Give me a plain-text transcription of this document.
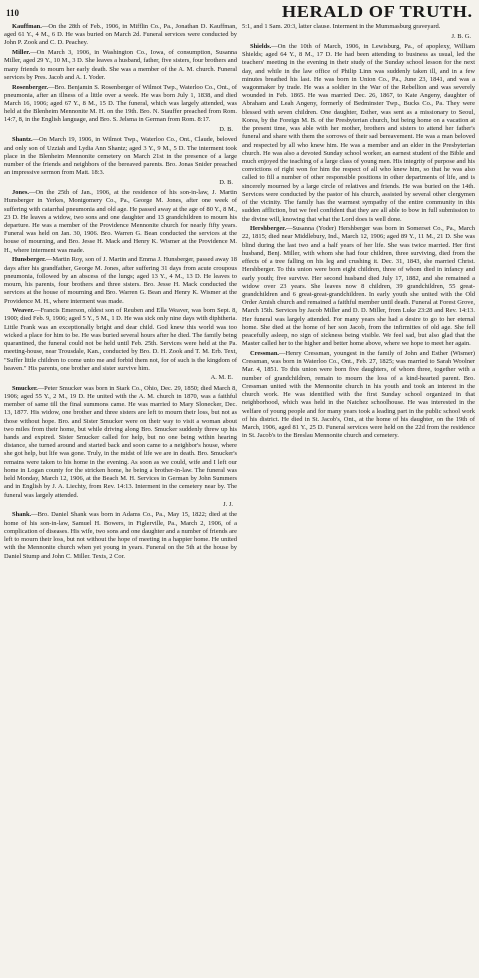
110	HERALD OF TRUTH.

Kauffman.—On the 28th of Feb., 1906, in Mifflin Co., Pa., Jonathan D. Kauffman, aged 61 Y., 4 M., 6 D. He was buried on March 2d. Funeral services were conducted by John P. Zook and C. D. Peachey.

Miller.—On March 3, 1906, in Washington Co., Iowa, of consumption, Susanna Miller, aged 29 Y., 10 M., 3 D. She leaves a husband, father, five sisters, four brothers and many friends to mourn her early death. She was a member of the A. M. church. Funeral services by Pres. Jacob and A. I. Yoder.

Rosenberger.—Bro. Benjamin S. Rosenberger of Wilmot Twp., Waterloo Co., Ont., of pneumonia, after an illness of a little over a week. He was born July 1, 1838, and died March 16, 1906; aged 67 Y., 8 M., 15 D. The funeral, which was largely attended, was held at the Blenheim Mennonite M. H. on the 19th. Bro. N. Stauffer preached from Rom. 14:7, 8, in the English language, and Bro. S. Jelsma in German from Rom. 8:17.

D. B.

Shantz.—On March 19, 1906, in Wilmot Twp., Waterloo Co., Ont., Claude, beloved and only son of Uzziah and Lydia Ann Shantz; aged 3 Y., 9 M., 5 D. The interment took place in the Blenheim Mennonite cemetery on March 21st in the presence of a large number of the friends and neighbors of the bereaved parents. Bro. Jonas Snider preached an impressive sermon from Matt. 18:3.

D. B.

Jones.—On the 25th of Jan., 1906, at the residence of his son-in-law, J. Martin Hunsberger in Yerkes, Montgomery Co., Pa., George M. Jones, after one week of suffering with catarrhal pneumonia and old age. He passed away at the age of 80 Y., 8 M., 23 D. He leaves a widow, two sons and one daughter and 13 grandchildren to mourn his departure. He was a member of the Providence Mennonite church for nearly fifty years. Funeral was held on Jan. 30, 1906. Bro. Warren G. Bean conducted the services at the house of mourning, and Bro. Jesse H. Mack and Henry K. Wismer at the Providence M. H., where interment was made.

Hunsberger.—Martin Roy, son of J. Martin and Emma J. Hunsberger, passed away 18 days after his grandfather, George M. Jones, after suffering 31 days from acute croupous pneumonia, followed by an abscess of the lungs; aged 13 Y., 4 M., 13 D. He leaves to mourn, his parents, four brothers and three sisters. Bro. Jesse H. Mack conducted the services at the house of mourning and Bro. Warren G. Bean and Henry K. Wismer at the Providence M. H., where interment was made.

Weaver.—Francis Emerson, oldest son of Reuben and Ella Weaver, was born Sept. 8, 1900; died Feb. 9, 1906; aged 5 Y., 5 M., 1 D. He was sick only nine days with diphtheria. Little Frank was an exceptionally bright and dear child. God knew this world was too wicked a place for him to be. He was buried several hours after he died. The family being quarantined, the funeral could not be held until Feb. 25th. Services were held at the Pa. meeting-house, near Trousdale, Kan., conducted by Bro. D. H. Zook and T. M. Erb. Text, "Suffer little children to come unto me and forbid them not, for of such is the kingdom of heaven." His parents, one brother and sister survive him.

A. M. E.

Smucker.—Peter Smucker was born in Stark Co., Ohio, Dec. 29, 1850; died March 8, 1906; aged 55 Y., 2 M., 19 D. He united with the A. M. church in 1870, was a faithful member of same till the final summons came. He was married to Mary Slonecker, Dec. 13, 1877. His widow, one brother and three sisters are left to mourn their loss, but not as those without hope. Bro. and Sister Smucker were on their way to visit a woman about two miles from their home, but while driving along Bro. Smucker suddenly threw up his hands and expired. Sister Smucker called for help, but no one being within hearing distance, she turned around and started back and soon came to a neighbor's house, where she got help, but life was gone. Truly, in the midst of life we are in death. Bro. Smucker's remains were taken to his home in the evening. As soon as we could, wife and I left our home in Logan county for the stricken home, he being a brother-in-law. The funeral was held Monday, March 12, 1906, at the Beach M. H. Services in German by John Summers and in English by J. A. Liechty, from Rev. 14:13. Interment in the cemetery near by. The funeral was largely attended.

J. J.

Shank.—Bro. Daniel Shank was born in Adams Co., Pa., May 15, 1822; died at the home of his son-in-law, Samuel H. Bowers, in Figlerville, Pa., March 2, 1906, of a complication of diseases. His wife, two sons and one daughter and a number of friends are left to mourn their loss, but not without the hope of meeting in a happier home. He united with the Mennonite church when yet young in years. Funeral on the 5th at the house by Daniel Stump and John C. Miller. Texts, 2 Cor.

5:1, and 1 Sam. 20:3, latter clause. Interment in the Mummasburg graveyard.

J. B. G.

Shields.—On the 10th of March, 1906, in Lewisburg, Pa., of apoplexy, William Shields; aged 64 Y., 8 M., 17 D. He had been attending to business as usual, led the teachers' meeting in the evening in their study of the Sunday school lesson for the next day, and while in the law office of Philip Linn was suddenly taken ill, and in a few minutes breathed his last. He was born in Union Co., Pa., June 23, 1841, and was a wagonmaker by trade. He was a soldier in the War of the Rebellion and was severely wounded in Feb. 1865. He was married Dec. 26, 1867, to Kate Angeny, daughter of Abraham and Leah Angeny, formerly of Bedminster Twp., Bucks Co., Pa. They were blessed with seven children. One daughter, Esther, was sent as a missionary to Seoul, Korea, by the Foreign M. B. of the Presbyterian church, but being home on a vacation at the present time, was able with her mother, brothers and sisters to attend her father's funeral and share with them the sorrows of their sad bereavement. He was a man beloved and respected by all who knew him. He was a member and an elder in the Presbyterian church. He was also a devoted Sunday school worker, an earnest student of the Bible and much enjoyed the teaching of a large class of young men. His integrity of purpose and his convictions of right won for him the respect of all who knew him, so that he was also called to fill a number of other responsible positions in other departments of life, and is sincerely mourned by a large circle of relatives and friends. He was buried on the 14th. Services were conducted by the pastor of his church, assisted by several other clergymen of the vicinity. The family has the warmest sympathy of the entire community in this sudden affliction, but we feel confident that they are all able to bow in full submission to the divine will, knowing that what the Lord does is well done.

Hershberger.—Susanna (Yoder) Hershberger was born in Somerset Co., Pa., March 22, 1815; died near Middlebury, Ind., March 12, 1906; aged 89 Y., 11 M., 21 D. She was blind during the last two and a half years of her life. She was twice married. Her first husband, Benj. Miller, with whom she had four children, three surviving, died from the effects of a tree falling on his leg and crushing it. Dec. 31, 1843, she married Christ. Hershberger. To this union were born eight children, three of whom died in infancy and early youth; five survive. Her second husband died July 17, 1882, and she remained a widow over 23 years. She leaves now 8 children, 39 grandchildren, 55 great-grandchildren and 6 great-great-grandchildren. In early youth she united with the Old Order Amish church and remained a faithful member until death. Funeral at Forest Grove, March 15th. Services by Jacob Miller and D. D. Miller, from Luke 23:28 and Rev. 14:13. Her funeral was largely attended. For many years she had a desire to go to her eternal home. She died at the home of her son Jacob, from the infirmities of old age. She fell peacefully asleep, no sign of sickness being visible. We feel sad, but also glad that the Master called her to the higher and better home above, where we hope to meet her again.

Cressman.—Henry Cressman, youngest in the family of John and Esther (Wismer) Cressman, was born in Waterloo Co., Ont., Feb. 27, 1825; was married to Sarah Woolner Mar. 4, 1851. To this union were born five daughters, of whom three, together with a number of grandchildren, remain to mourn the loss of a kind-hearted parent. Bro. Cressman united with the Mennonite church in his youth and took an interest in the church work. He was identified with the first Sunday school organized in that neighborhood, which was held in the Natchez schoolhouse. He was interested in the welfare of young people and for many years took a leading part in the public school work of his district. He died in St. Jacob's, Ont., at the home of his daughter, on the 19th of March, 1906, aged 81 Y., 25 D. Funeral services were held on the 22d from the residence in St. Jacob's to the Breslau Mennonite church and cemetery.
